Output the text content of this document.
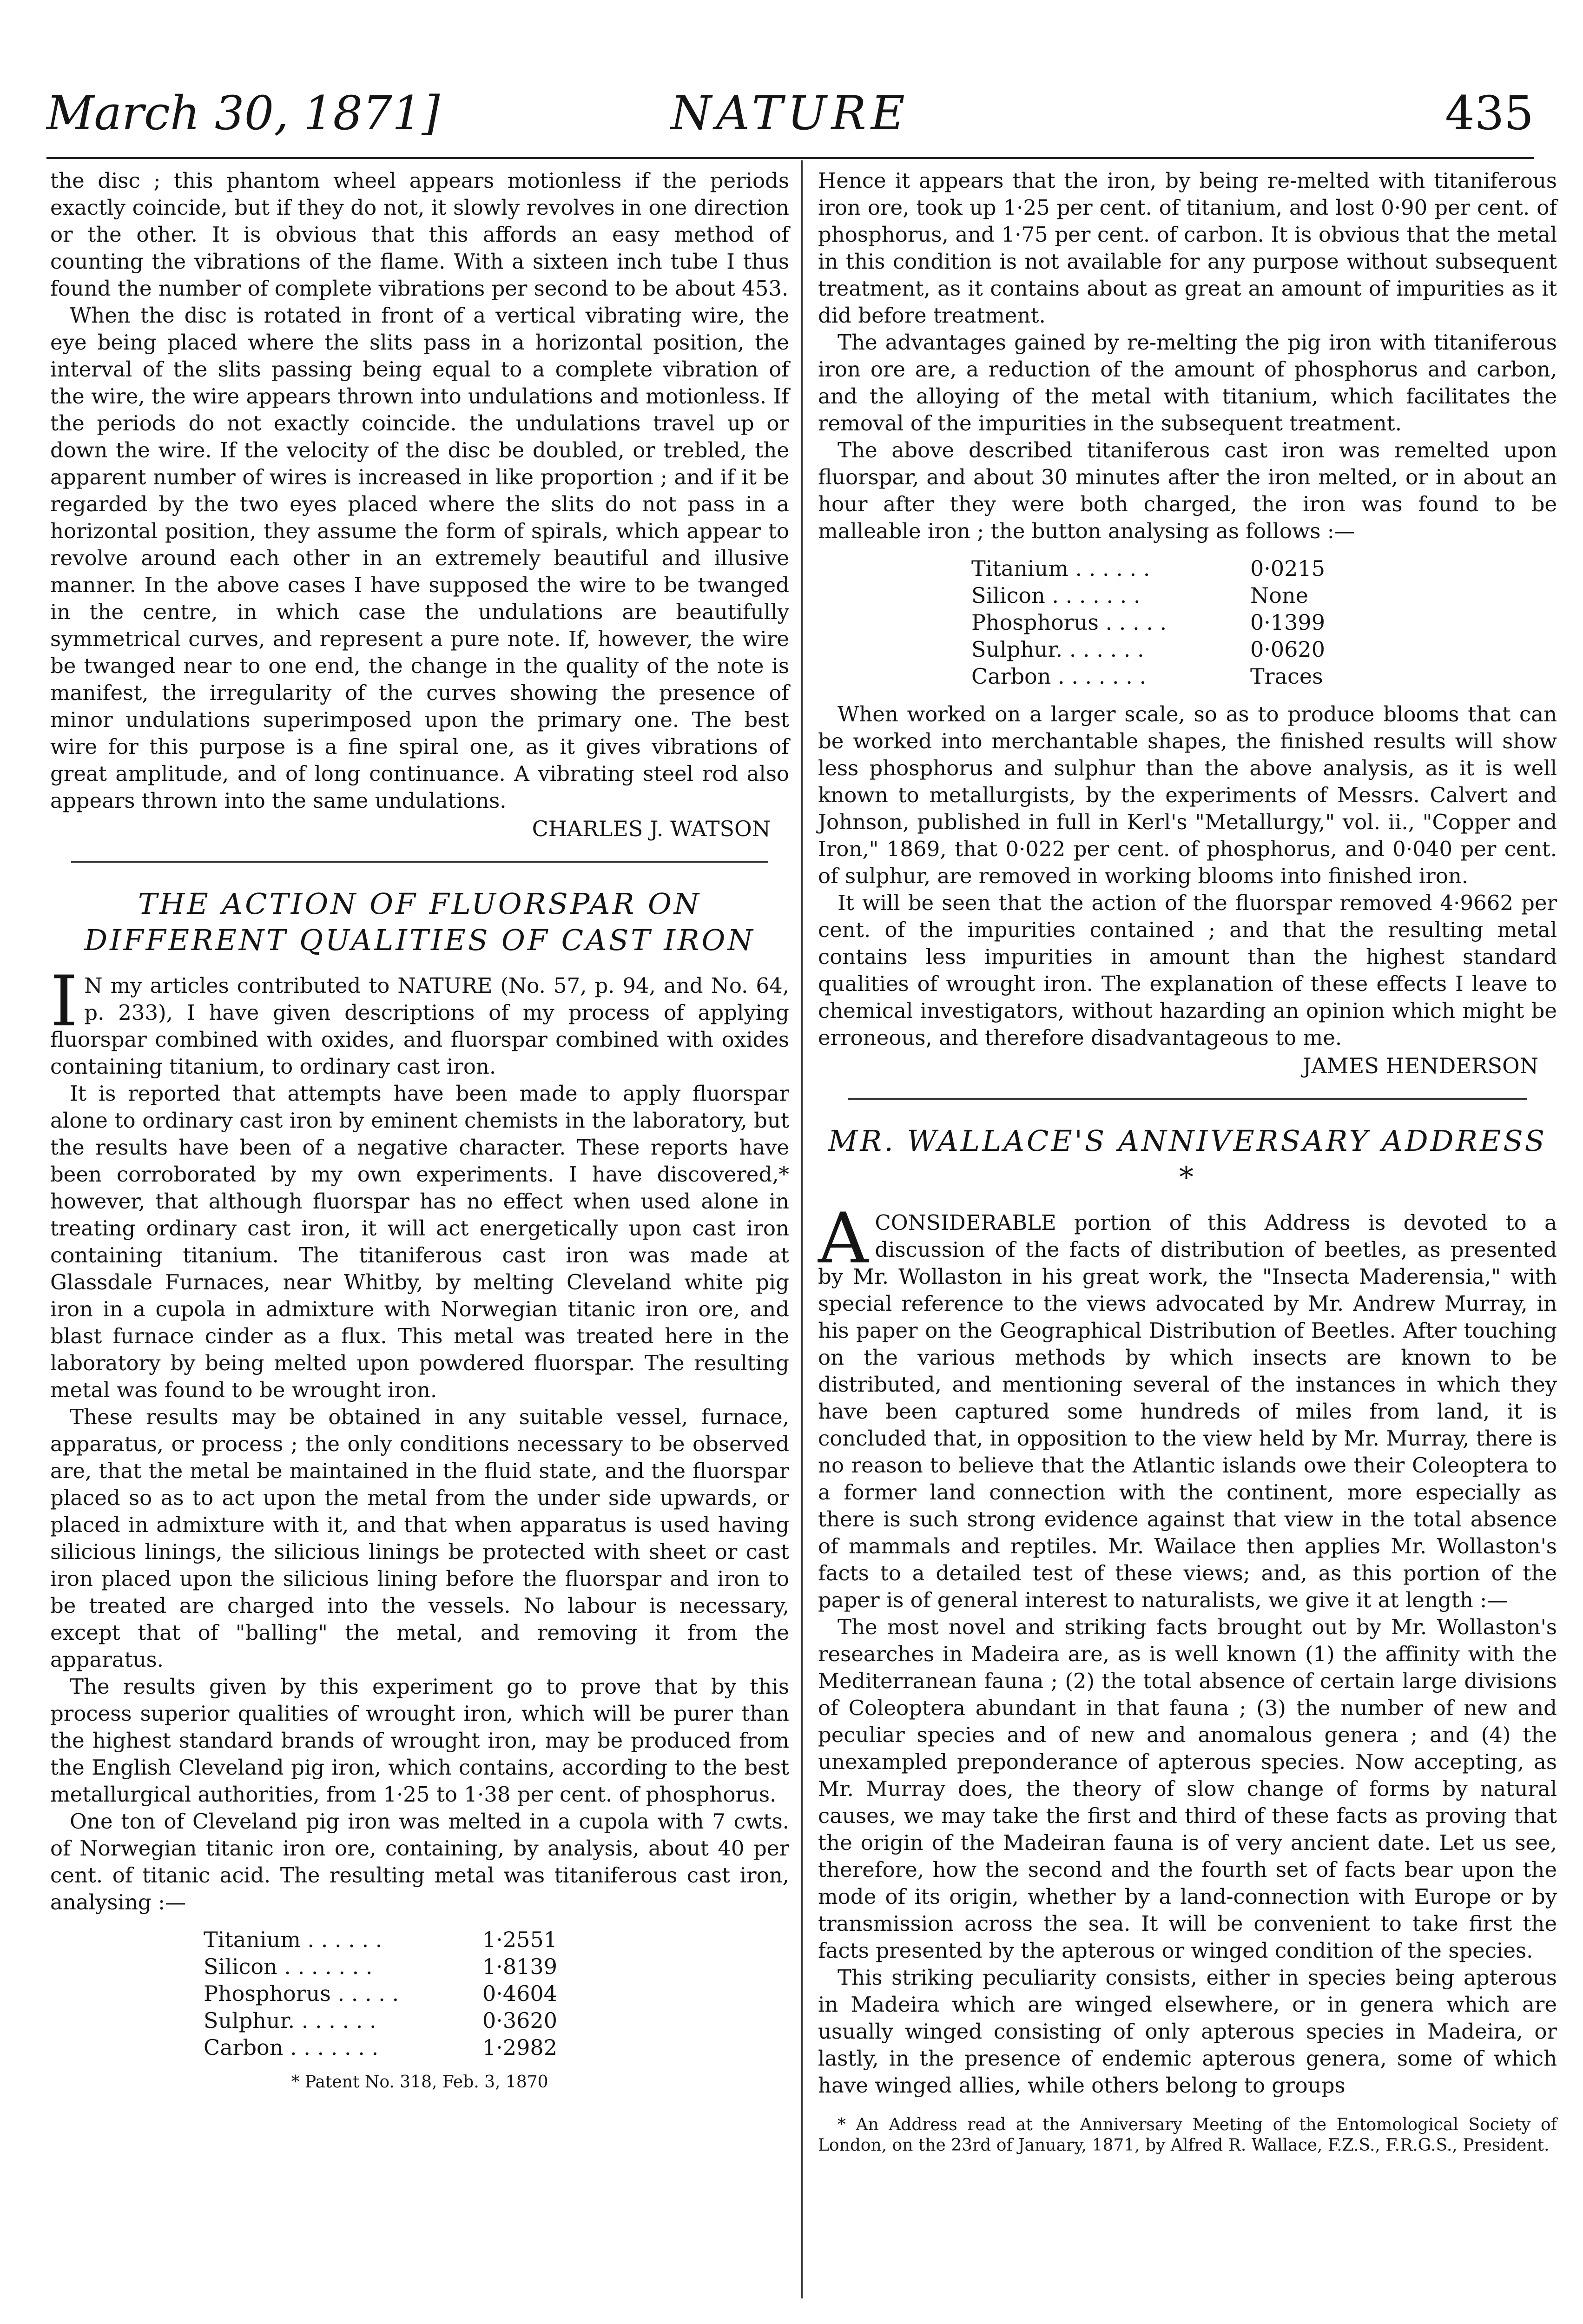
March 30, 1871]	NATURE	435

the disc ; this phantom wheel appears motionless if the periods exactly coincide, but if they do not, it slowly revolves in one direction or the other. It is obvious that this affords an easy method of counting the vibrations of the flame. With a sixteen inch tube I thus found the number of complete vibrations per second to be about 453.

When the disc is rotated in front of a vertical vibrating wire, the eye being placed where the slits pass in a horizontal position, the interval of the slits passing being equal to a complete vibration of the wire, the wire appears thrown into undulations and motionless. If the periods do not exactly coincide. the undulations travel up or down the wire. If the velocity of the disc be doubled, or trebled, the apparent number of wires is increased in like proportion ; and if it be regarded by the two eyes placed where the slits do not pass in a horizontal position, they assume the form of spirals, which appear to revolve around each other in an extremely beautiful and illusive manner. In the above cases I have supposed the wire to be twanged in the centre, in which case the undulations are beautifully symmetrical curves, and represent a pure note. If, however, the wire be twanged near to one end, the change in the quality of the note is manifest, the irregularity of the curves showing the presence of minor undulations superimposed upon the primary one. The best wire for this purpose is a fine spiral one, as it gives vibrations of great amplitude, and of long continuance. A vibrating steel rod also appears thrown into the same undulations.

CHARLES J. WATSON
THE ACTION OF FLUORSPAR ON DIFFERENT QUALITIES OF CAST IRON

I N my articles contributed to NATURE (No. 57, p. 94, and No. 64, p. 233), I have given descriptions of my process of applying fluorspar combined with oxides, and fluorspar combined with oxides containing titanium, to ordinary cast iron.

It is reported that attempts have been made to apply fluorspar alone to ordinary cast iron by eminent chemists in the laboratory, but the results have been of a negative character. These reports have been corroborated by my own experiments. I have discovered,* however, that although fluorspar has no effect when used alone in treating ordinary cast iron, it will act energetically upon cast iron containing titanium. The titaniferous cast iron was made at Glassdale Furnaces, near Whitby, by melting Cleveland white pig iron in a cupola in admixture with Norwegian titanic iron ore, and blast furnace cinder as a flux. This metal was treated here in the laboratory by being melted upon powdered fluorspar. The resulting metal was found to be wrought iron.

These results may be obtained in any suitable vessel, furnace, apparatus, or process ; the only conditions necessary to be observed are, that the metal be maintained in the fluid state, and the fluorspar placed so as to act upon the metal from the under side upwards, or placed in admixture with it, and that when apparatus is used having silicious linings, the silicious linings be protected with sheet or cast iron placed upon the silicious lining before the fluorspar and iron to be treated are charged into the vessels. No labour is necessary, except that of "balling" the metal, and removing it from the apparatus.

The results given by this experiment go to prove that by this process superior qualities of wrought iron, which will be purer than the highest standard brands of wrought iron, may be produced from the English Cleveland pig iron, which contains, according to the best metallurgical authorities, from 1·25 to 1·38 per cent. of phosphorus.

One ton of Cleveland pig iron was melted in a cupola with 7 cwts. of Norwegian titanic iron ore, containing, by analysis, about 40 per cent. of titanic acid. The resulting metal was titaniferous cast iron, analysing :—

Titanium . . . . . .	1·2551
Silicon . . . . . . .	1·8139
Phosphorus . . . . .	0·4604
Sulphur. . . . . . .	0·3620
Carbon . . . . . . .	1·2982
* Patent No. 318, Feb. 3, 1870

Hence it appears that the iron, by being re-melted with titaniferous iron ore, took up 1·25 per cent. of titanium, and lost 0·90 per cent. of phosphorus, and 1·75 per cent. of carbon. It is obvious that the metal in this condition is not available for any purpose without subsequent treatment, as it contains about as great an amount of impurities as it did before treatment.

The advantages gained by re-melting the pig iron with titaniferous iron ore are, a reduction of the amount of phosphorus and carbon, and the alloying of the metal with titanium, which facilitates the removal of the impurities in the subsequent treatment.

The above described titaniferous cast iron was remelted upon fluorspar, and about 30 minutes after the iron melted, or in about an hour after they were both charged, the iron was found to be malleable iron ; the button analysing as follows :—

Titanium . . . . . .	0·0215
Silicon . . . . . . .	None
Phosphorus . . . . .	0·1399
Sulphur. . . . . . .	0·0620
Carbon . . . . . . .	Traces

When worked on a larger scale, so as to produce blooms that can be worked into merchantable shapes, the finished results will show less phosphorus and sulphur than the above analysis, as it is well known to metallurgists, by the experiments of Messrs. Calvert and Johnson, published in full in Kerl's "Metallurgy," vol. ii., "Copper and Iron," 1869, that 0·022 per cent. of phosphorus, and 0·040 per cent. of sulphur, are removed in working blooms into finished iron.

It will be seen that the action of the fluorspar removed 4·9662 per cent. of the impurities contained ; and that the resulting metal contains less impurities in amount than the highest standard qualities of wrought iron. The explanation of these effects I leave to chemical investigators, without hazarding an opinion which might be erroneous, and therefore disadvantageous to me.

JAMES HENDERSON
MR. WALLACE'S ANNIVERSARY ADDRESS *

ACONSIDERABLE portion of this Address is devoted to a discussion of the facts of distribution of beetles, as presented by Mr. Wollaston in his great work, the "Insecta Maderensia," with special reference to the views advocated by Mr. Andrew Murray, in his paper on the Geographical Distribution of Beetles. After touching on the various methods by which insects are known to be distributed, and mentioning several of the instances in which they have been captured some hundreds of miles from land, it is concluded that, in opposition to the view held by Mr. Murray, there is no reason to believe that the Atlantic islands owe their Coleoptera to a former land connection with the continent, more especially as there is such strong evidence against that view in the total absence of mammals and reptiles. Mr. Wailace then applies Mr. Wollaston's facts to a detailed test of these views; and, as this portion of the paper is of general interest to naturalists, we give it at length :—

The most novel and striking facts brought out by Mr. Wollaston's researches in Madeira are, as is well known (1) the affinity with the Mediterranean fauna ; (2) the total absence of certain large divisions of Coleoptera abundant in that fauna ; (3) the number of new and peculiar species and of new and anomalous genera ; and (4) the unexampled preponderance of apterous species. Now accepting, as Mr. Murray does, the theory of slow change of forms by natural causes, we may take the first and third of these facts as proving that the origin of the Madeiran fauna is of very ancient date. Let us see, therefore, how the second and the fourth set of facts bear upon the mode of its origin, whether by a land-connection with Europe or by transmission across the sea. It will be convenient to take first the facts presented by the apterous or winged condition of the species.

This striking peculiarity consists, either in species being apterous in Madeira which are winged elsewhere, or in genera which are usually winged consisting of only apterous species in Madeira, or lastly, in the presence of endemic apterous genera, some of which have winged allies, while others belong to groups

* An Address read at the Anniversary Meeting of the Entomological Society of London, on the 23rd of January, 1871, by Alfred R. Wallace, F.Z.S., F.R.G.S., President.
